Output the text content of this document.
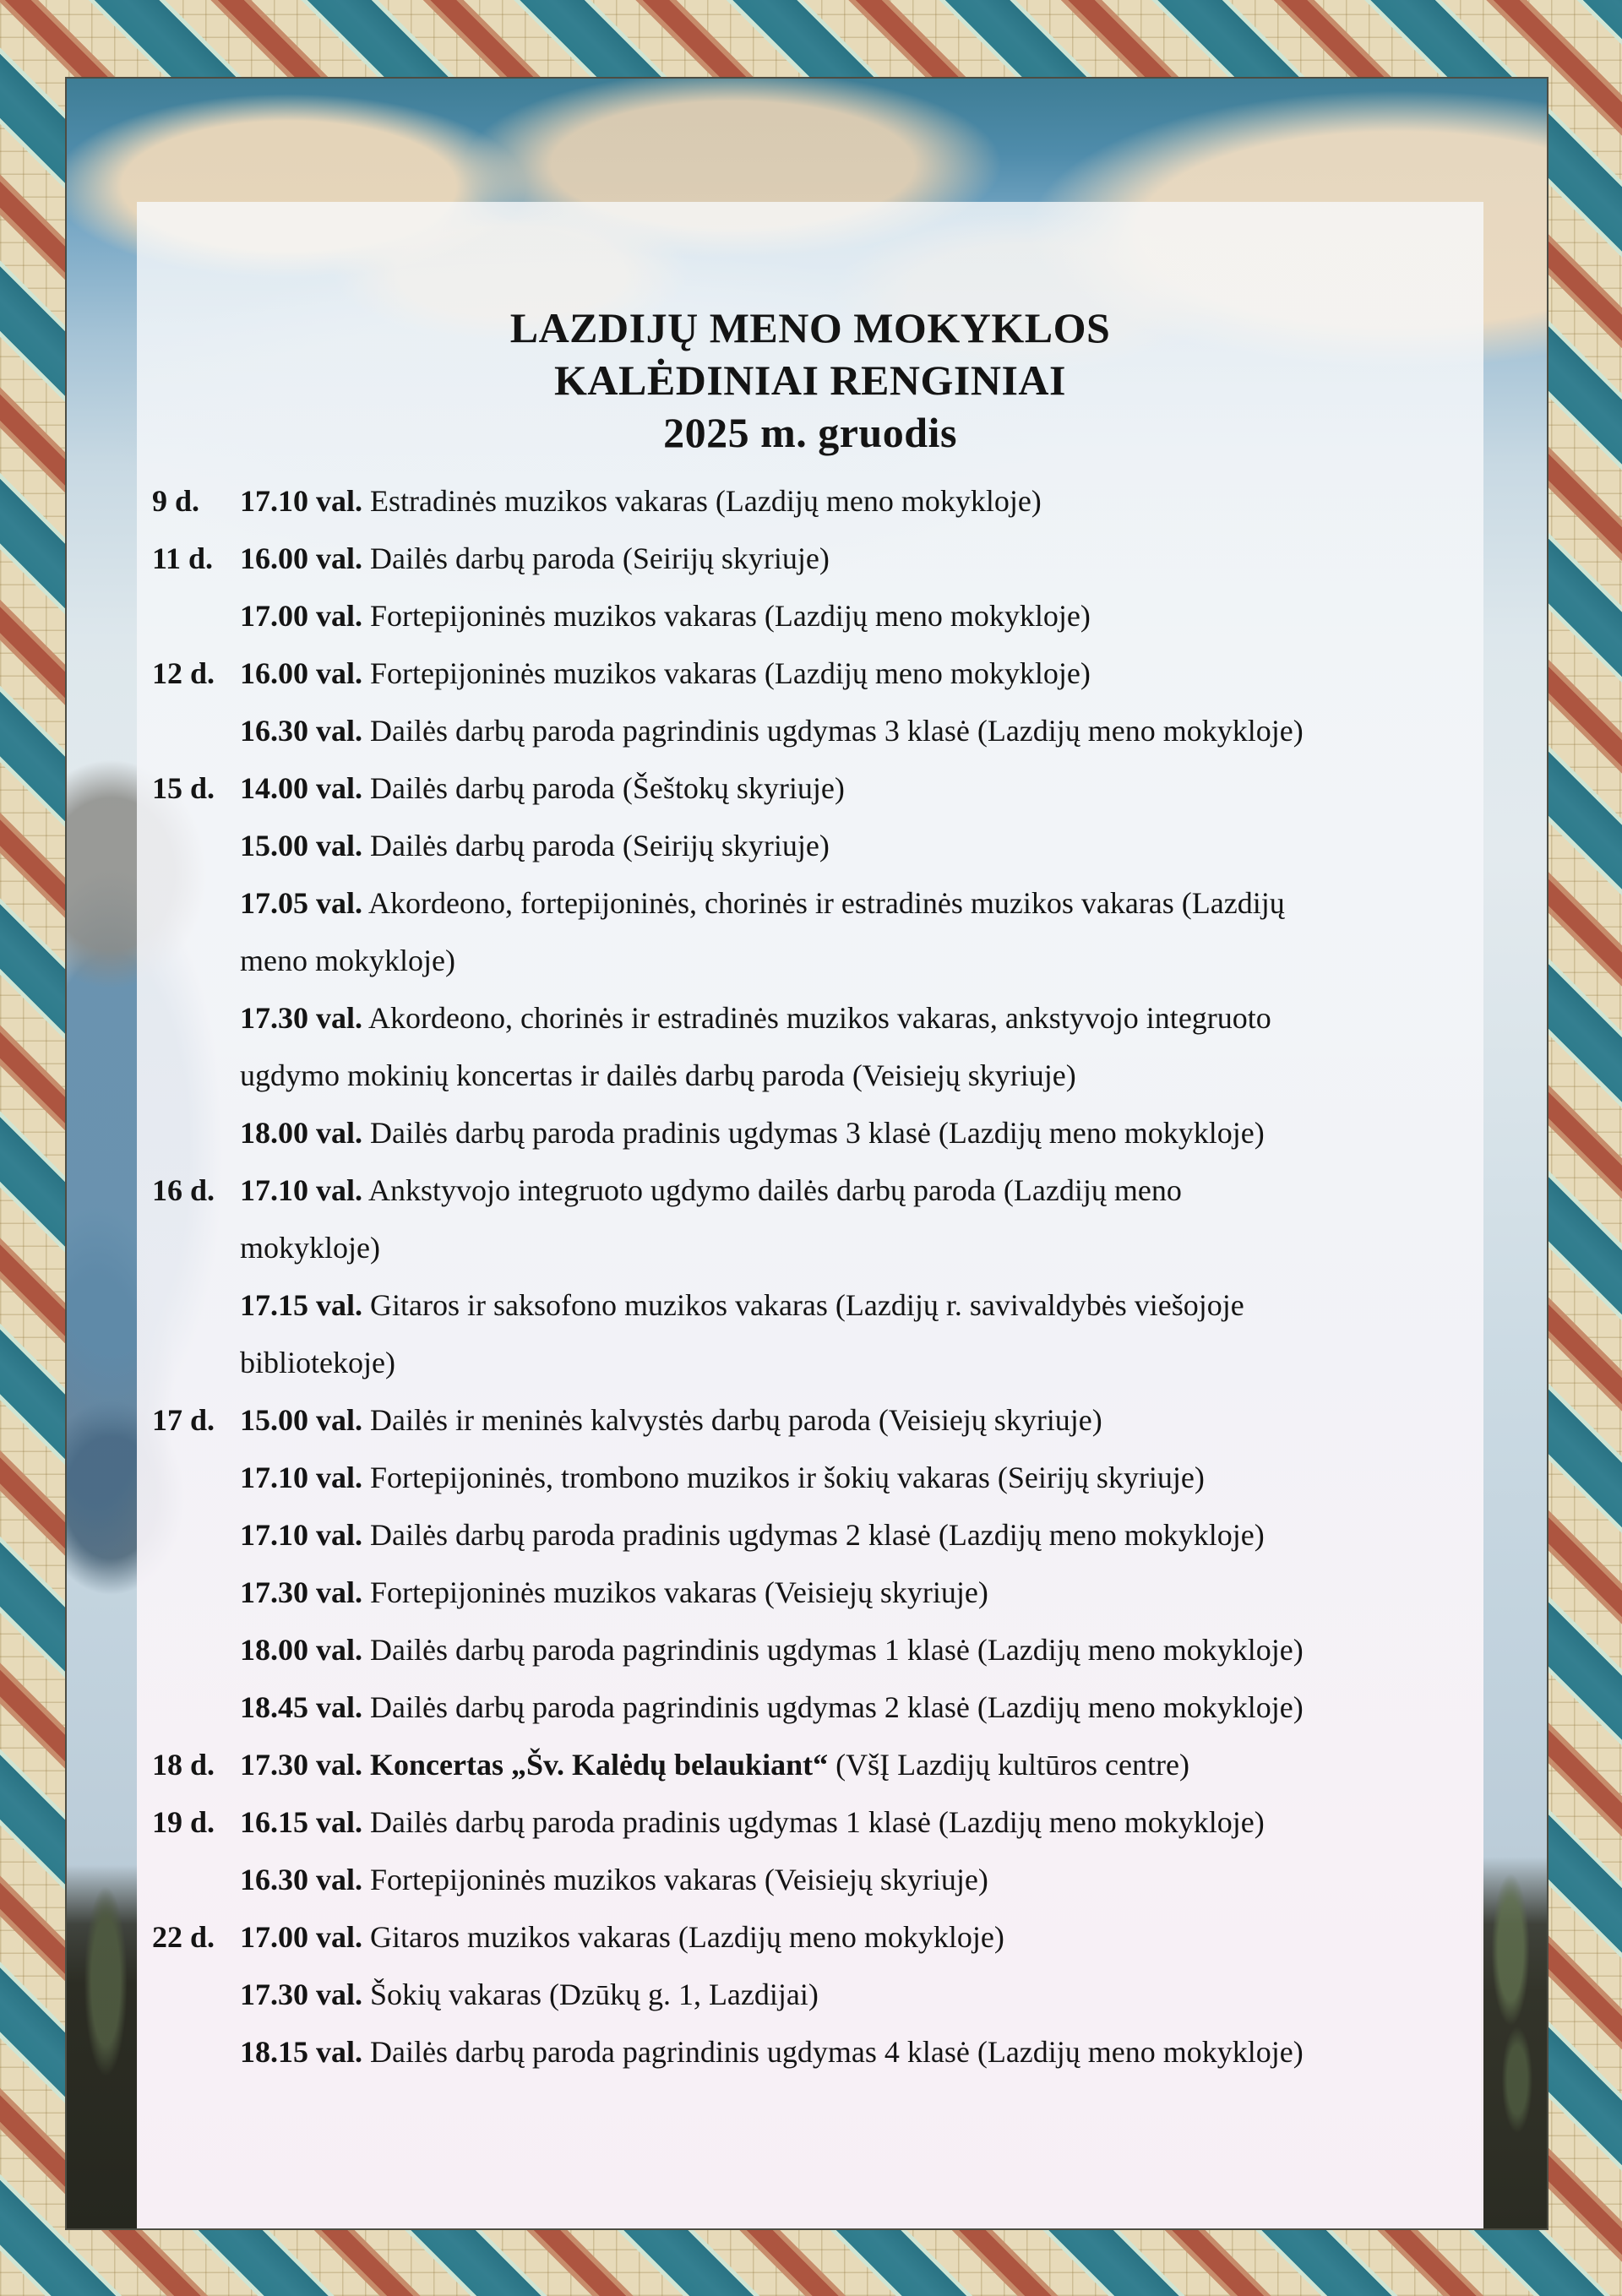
LAZDIJŲ MENO MOKYKLOS
KALĖDINIAI RENGINIAI
2025 m. gruodis
9 d. 17.10 val. Estradinės muzikos vakaras (Lazdijų meno mokykloje)
11 d. 16.00 val. Dailės darbų paroda (Seirijų skyriuje)
17.00 val. Fortepijoninės muzikos vakaras (Lazdijų meno mokykloje)
12 d. 16.00 val. Fortepijoninės muzikos vakaras (Lazdijų meno mokykloje)
16.30 val. Dailės darbų paroda pagrindinis ugdymas 3 klasė (Lazdijų meno mokykloje)
15 d. 14.00 val. Dailės darbų paroda (Šeštokų skyriuje)
15.00 val. Dailės darbų paroda (Seirijų skyriuje)
17.05 val. Akordeono, fortepijoninės, chorinės ir estradinės muzikos vakaras (Lazdijų
meno mokykloje)
17.30 val. Akordeono, chorinės ir estradinės muzikos vakaras, ankstyvojo integruoto
ugdymo mokinių koncertas ir dailės darbų paroda (Veisiejų skyriuje)
18.00 val. Dailės darbų paroda pradinis ugdymas 3 klasė (Lazdijų meno mokykloje)
16 d. 17.10 val. Ankstyvojo integruoto ugdymo dailės darbų paroda (Lazdijų meno
mokykloje)
17.15 val. Gitaros ir saksofono muzikos vakaras (Lazdijų r. savivaldybės viešojoje
bibliotekoje)
17 d. 15.00 val. Dailės ir meninės kalvystės darbų paroda (Veisiejų skyriuje)
17.10 val. Fortepijoninės, trombono muzikos ir šokių vakaras (Seirijų skyriuje)
17.10 val. Dailės darbų paroda pradinis ugdymas 2 klasė (Lazdijų meno mokykloje)
17.30 val. Fortepijoninės muzikos vakaras (Veisiejų skyriuje)
18.00 val. Dailės darbų paroda pagrindinis ugdymas 1 klasė (Lazdijų meno mokykloje)
18.45 val. Dailės darbų paroda pagrindinis ugdymas 2 klasė (Lazdijų meno mokykloje)
18 d. 17.30 val. Koncertas „Šv. Kalėdų belaukiant“ (VšĮ Lazdijų kultūros centre)
19 d. 16.15 val. Dailės darbų paroda pradinis ugdymas 1 klasė (Lazdijų meno mokykloje)
16.30 val. Fortepijoninės muzikos vakaras (Veisiejų skyriuje)
22 d. 17.00 val. Gitaros muzikos vakaras (Lazdijų meno mokykloje)
17.30 val. Šokių vakaras (Dzūkų g. 1, Lazdijai)
18.15 val. Dailės darbų paroda pagrindinis ugdymas 4 klasė (Lazdijų meno mokykloje)
